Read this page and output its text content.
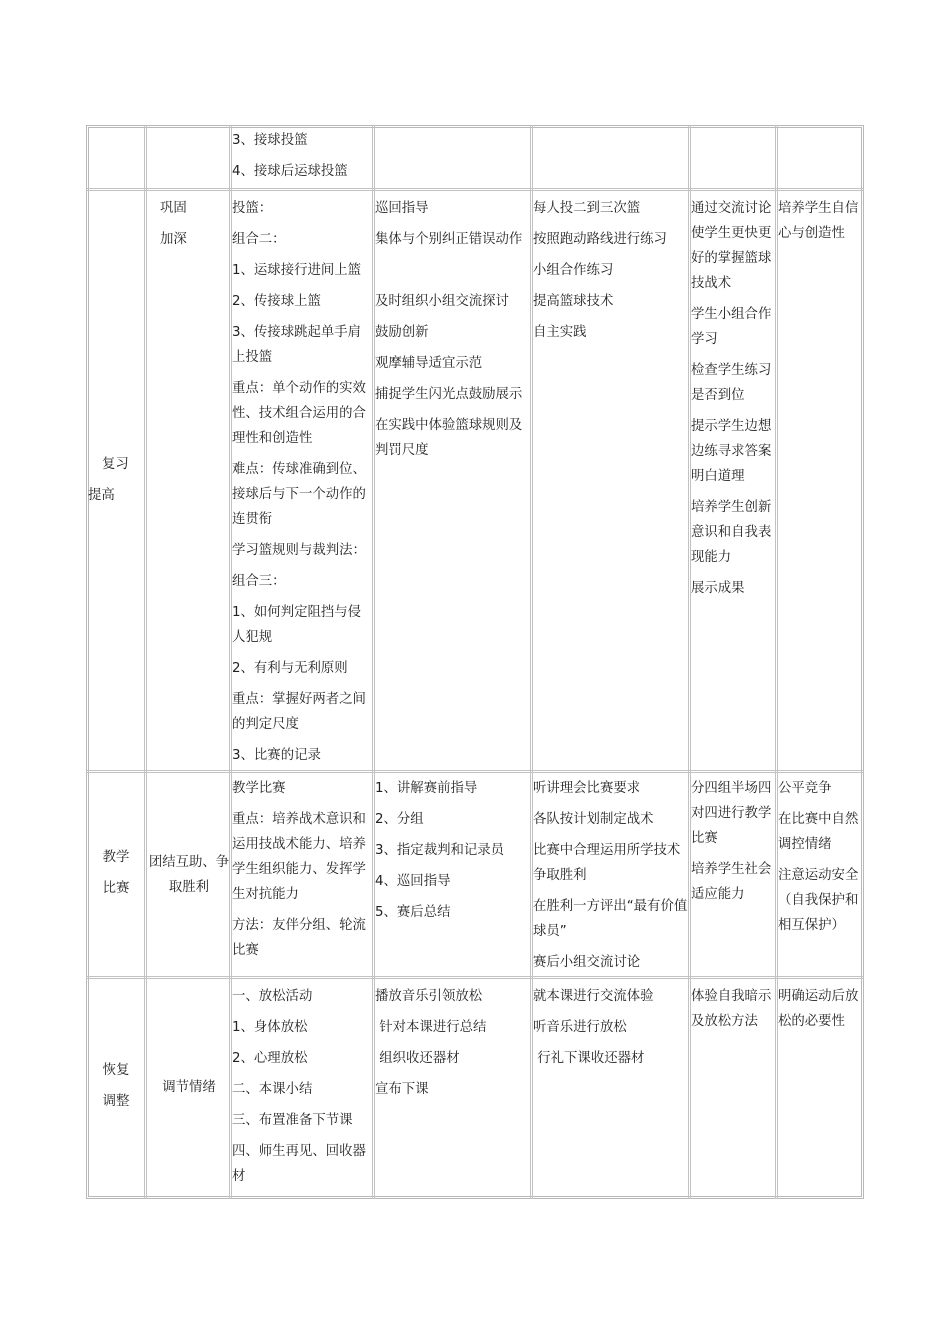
3、接球投篮
4、接球后运球投篮
复习
提高
巩固
加深
投篮：
组合二：
1、运球接行进间上篮
2、传接球上篮
3、传接球跳起单手肩上投篮
重点：单个动作的实效性、技术组合运用的合理性和创造性
难点：传球准确到位、接球后与下一个动作的连贯衔
学习篮规则与裁判法：
组合三：
1、如何判定阻挡与侵人犯规
2、有利与无利原则
重点：掌握好两者之间的判定尺度
3、比赛的记录
巡回指导
集体与个别纠正错误动作
及时组织小组交流探讨
鼓励创新
观摩辅导适宜示范
捕捉学生闪光点鼓励展示
在实践中体验篮球规则及判罚尺度
每人投二到三次篮
按照跑动路线进行练习
小组合作练习
提高篮球技术
自主实践
通过交流讨论使学生更快更好的掌握篮球技战术
学生小组合作学习
检查学生练习是否到位
提示学生边想边练寻求答案明白道理
培养学生创新意识和自我表现能力
展示成果
培养学生自信心与创造性
教学
比赛
团结互助、争取胜利
教学比赛
重点：培养战术意识和运用技战术能力、培养学生组织能力、发挥学生对抗能力
方法：友伴分组、轮流比赛
1、讲解赛前指导
2、分组
3、指定裁判和记录员
4、巡回指导
5、赛后总结
听讲理会比赛要求
各队按计划制定战术
比赛中合理运用所学技术争取胜利
在胜利一方评出“最有价值球员”
赛后小组交流讨论
分四组半场四对四进行教学比赛
培养学生社会适应能力
公平竞争
在比赛中自然调控情绪
注意运动安全（自我保护和相互保护）
恢复
调整
调节情绪
一、放松活动
1、身体放松
2、心理放松
二、本课小结
三、布置准备下节课
四、师生再见、回收器材
播放音乐引领放松
针对本课进行总结
组织收还器材
宣布下课
就本课进行交流体验
听音乐进行放松
行礼下课收还器材
体验自我暗示及放松方法
明确运动后放松的必要性
